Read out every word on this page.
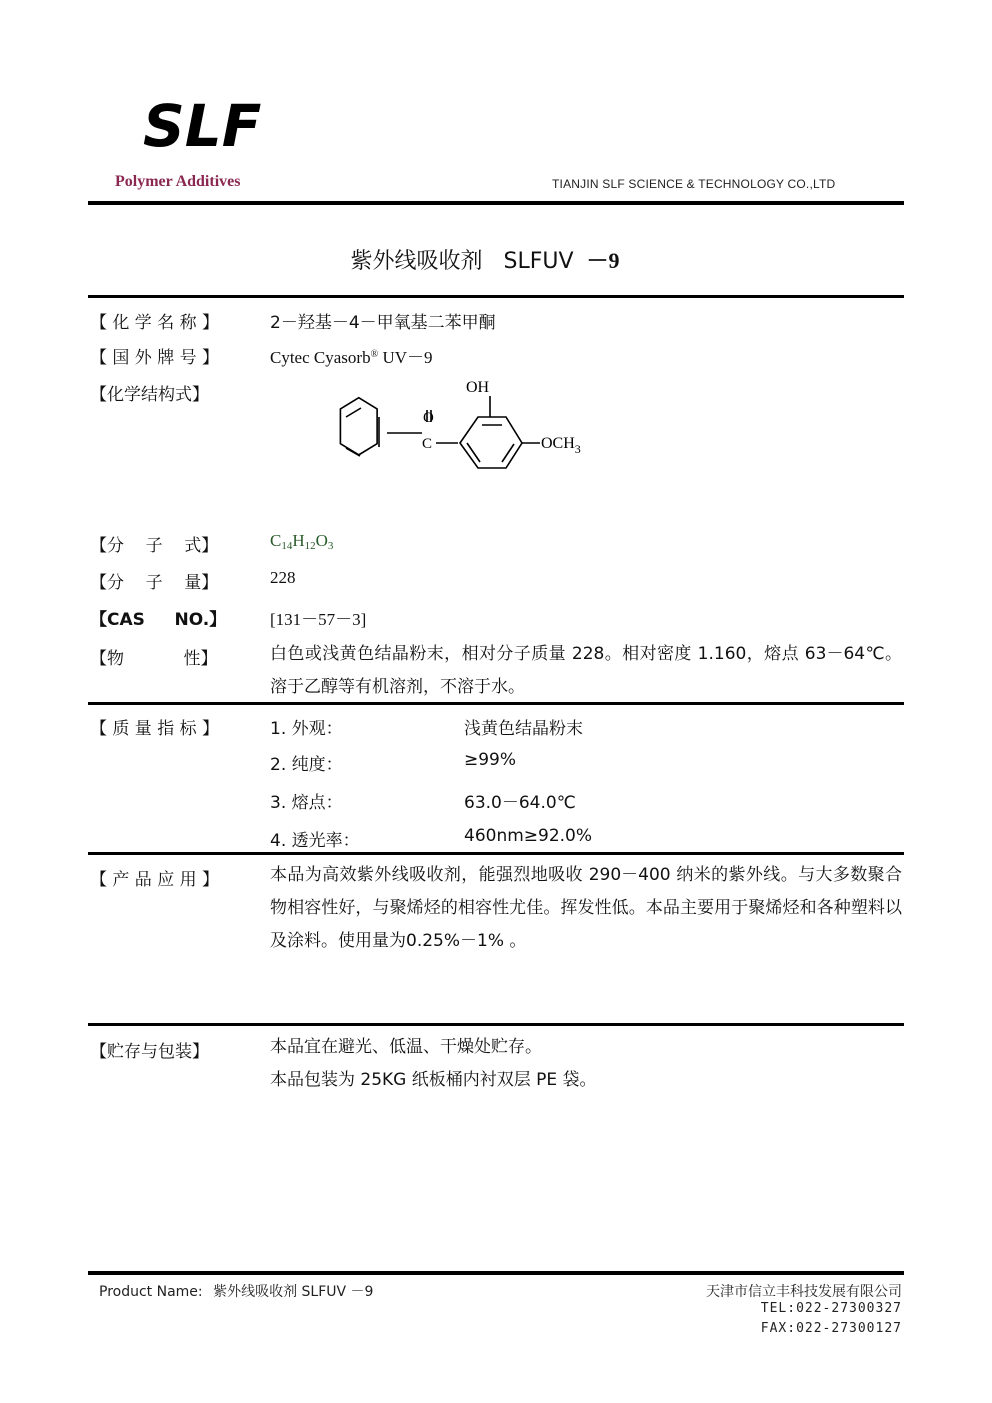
SLF
Polymer Additives	TIANJIN SLF SCIENCE & TECHNOLOGY CO.,LTD
紫外线吸收剂 SLFUV －9
【 化 学 名 称 】	2－羟基－4－甲氧基二苯甲酮
【 国 外 牌 号 】	Cytec Cyasorb® UV－9
【化学结构式】	OH
O
C	$OCH_3$
【分    子    式】	$C_{14}H_{12}O_3$
【分    子    量】	228
【CAS     NO.】	[131－57－3]
【物           性】	白色或浅黄色结晶粉末，相对分子质量 228。相对密度 1.160，熔点 63－64℃。溶于乙醇等有机溶剂，不溶于水。
【 质 量 指 标 】	1. 外观：	浅黄色结晶粉末
2. 纯度：	≥99%
3. 熔点：	63.0－64.0℃
4. 透光率：	460nm≥92.0%
【 产 品 应 用 】	本品为高效紫外线吸收剂，能强烈地吸收 290－400 纳米的紫外线。与大多数聚合物相容性好，与聚烯烃的相容性尤佳。挥发性低。本品主要用于聚烯烃和各种塑料以及涂料。使用量为0.25%－1% 。
【贮存与包装】	本品宜在避光、低温、干燥处贮存。
本品包装为 25KG 纸板桶内衬双层 PE 袋。
Product Name: 紫外线吸收剂 SLFUV －9	天津市信立丰科技发展有限公司
TEL:022-27300327
FAX:022-27300127
